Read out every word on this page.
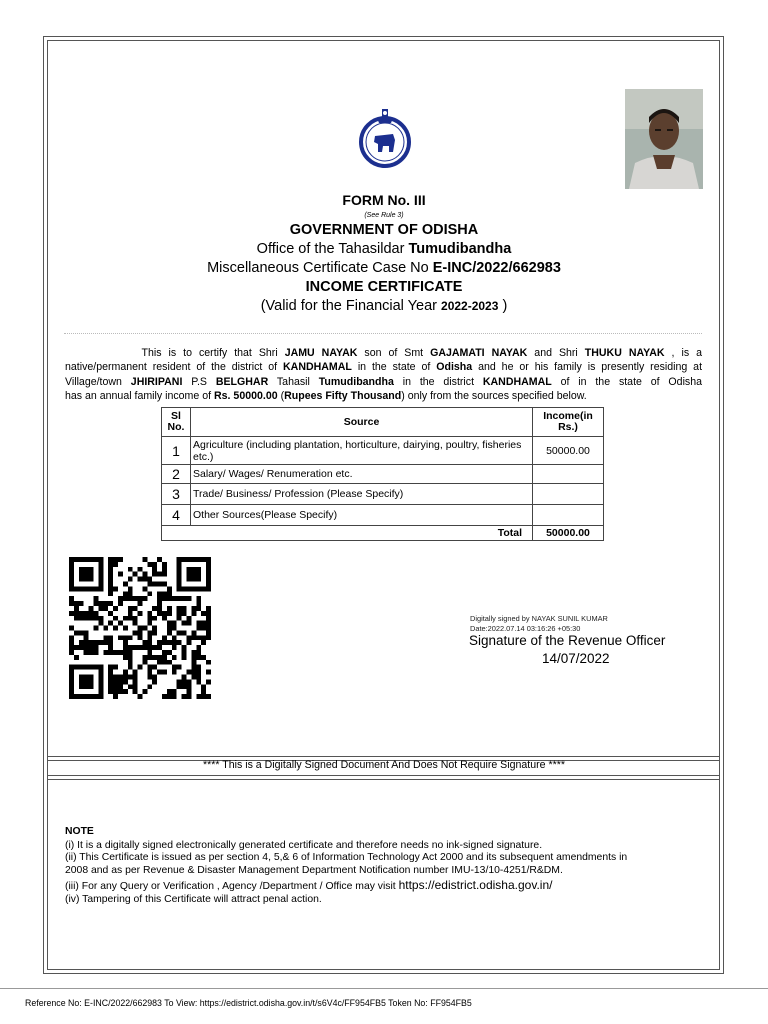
FORM No. III
(See Rule 3)
GOVERNMENT OF ODISHA
Office of the Tahasildar Tumudibandha
Miscellaneous Certificate Case No E-INC/2022/662983
INCOME CERTIFICATE
(Valid for the Financial Year 2022-2023 )
This is to certify that Shri JAMU NAYAK son of Smt GAJAMATI NAYAK and Shri THUKU NAYAK , is a
native/permanent resident of the district of KANDHAMAL in the state of Odisha and he or his family is presently residing at
Village/town JHIRIPANI P.S BELGHAR Tahasil Tumudibandha in the district KANDHAMAL of in the state of Odisha
has an annual family income of Rs. 50000.00 (Rupees Fifty Thousand) only from the sources specified below.
Sl No.	Source	Income(in Rs.)
1	Agriculture (including plantation, horticulture, dairying, poultry, fisheries etc.)	50000.00
2	Salary/ Wages/ Renumeration etc.	
3	Trade/ Business/ Profession (Please Specify)	
4	Other Sources(Please Specify)	
Total		50000.00
Digitally signed by NAYAK SUNIL KUMAR
Date:2022.07.14 03:16:26 +05:30
Signature of the Revenue Officer
14/07/2022
**** This is a Digitally Signed Document And Does Not Require Signature ****
NOTE
(i) It is a digitally signed electronically generated certificate and therefore needs no ink-signed signature.
(ii) This Certificate is issued as per section 4, 5,& 6 of Information Technology Act 2000 and its subsequent amendments in
2008 and as per Revenue & Disaster Management Department Notification number IMU-13/10-4251/R&DM.
(iii) For any Query or Verification , Agency /Department / Office may visit https://edistrict.odisha.gov.in/
(iv) Tampering of this Certificate will attract penal action.
Reference No: E-INC/2022/662983 To View: https://edistrict.odisha.gov.in/t/s6V4c/FF954FB5 Token No: FF954FB5
